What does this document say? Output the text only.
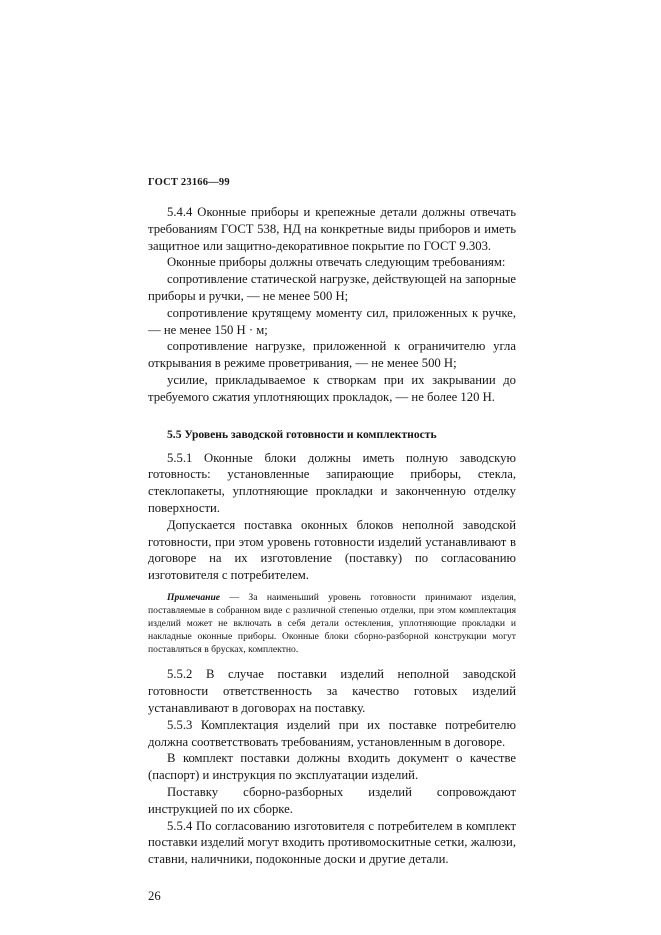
ГОСТ 23166—99

5.4.4 Оконные приборы и крепежные детали должны отвечать требованиям ГОСТ 538, НД на конкретные виды приборов и иметь защитное или защитно-декоративное покрытие по ГОСТ 9.303.

Оконные приборы должны отвечать следующим требованиям:

сопротивление статической нагрузке, действующей на запорные приборы и ручки, — не менее 500 Н;

сопротивление крутящему моменту сил, приложенных к ручке, — не менее 150 Н · м;

сопротивление нагрузке, приложенной к ограничителю угла открывания в режиме проветривания, — не менее 500 Н;

усилие, прикладываемое к створкам при их закрывании до требуемого сжатия уплотняющих прокладок, — не более 120 Н.

5.5 Уровень заводской готовности и комплектность

5.5.1 Оконные блоки должны иметь полную заводскую готовность: установленные запирающие приборы, стекла, стеклопакеты, уплотняющие прокладки и законченную отделку поверхности.

Допускается поставка оконных блоков неполной заводской готовности, при этом уровень готовности изделий устанавливают в договоре на их изготовление (поставку) по согласованию изготовителя с потребителем.

Примечание — За наименьший уровень готовности принимают изделия, поставляемые в собранном виде с различной степенью отделки, при этом комплектация изделий может не включать в себя детали остекления, уплотняющие прокладки и накладные оконные приборы. Оконные блоки сборно-разборной конструкции могут поставляться в брусках, комплектно.

5.5.2 В случае поставки изделий неполной заводской готовности ответственность за качество готовых изделий устанавливают в договорах на поставку.

5.5.3 Комплектация изделий при их поставке потребителю должна соответствовать требованиям, установленным в договоре.

В комплект поставки должны входить документ о качестве (паспорт) и инструкция по эксплуатации изделий.

Поставку сборно-разборных изделий сопровождают инструкцией по их сборке.

5.5.4 По согласованию изготовителя с потребителем в комплект поставки изделий могут входить противомоскитные сетки, жалюзи, ставни, наличники, подоконные доски и другие детали.

26
